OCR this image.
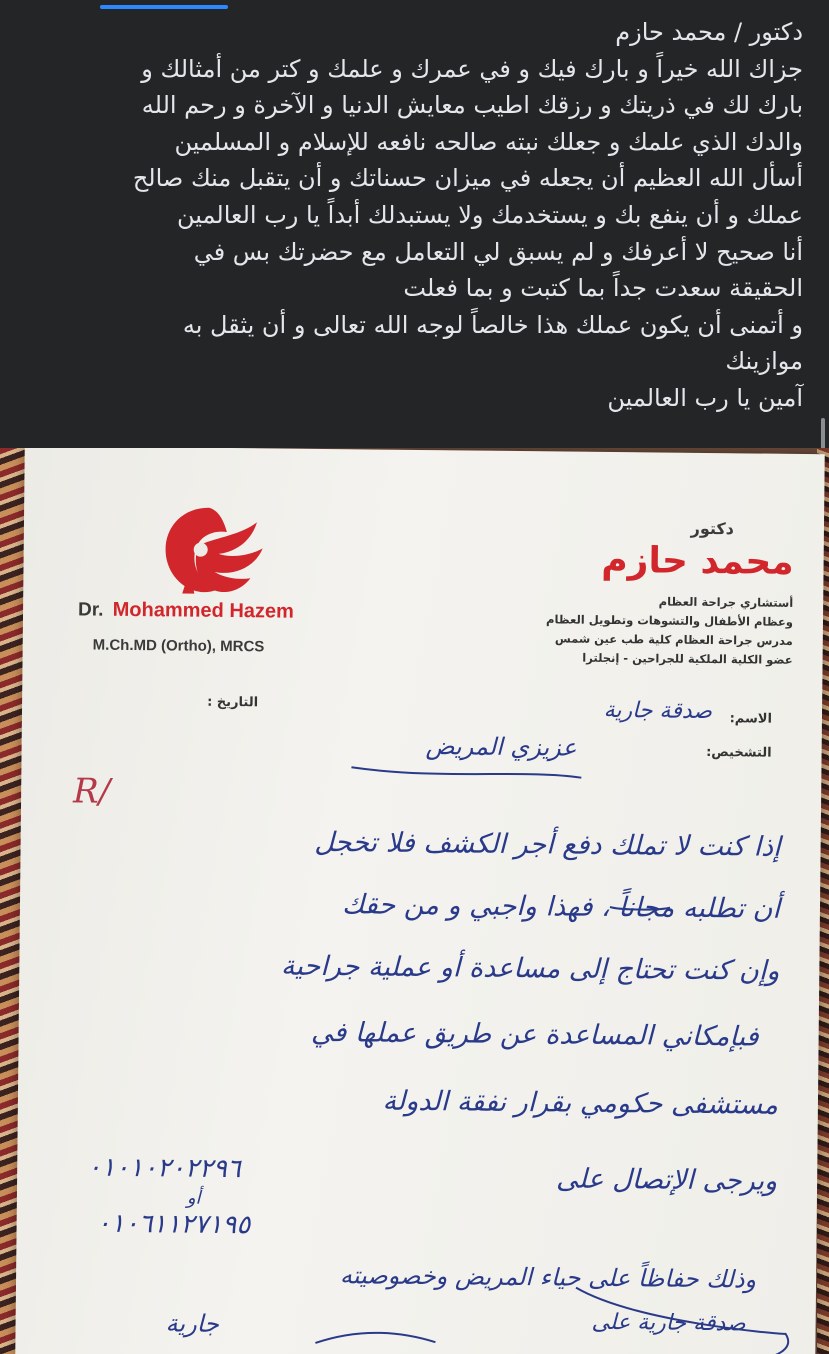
دكتور / محمد حازم
جزاك الله خيراً و بارك فيك و في عمرك و علمك و كتر من أمثالك و
بارك لك في ذريتك و رزقك اطيب معايش الدنيا و الآخرة و رحم الله
والدك الذي علمك و جعلك نبته صالحه نافعه للإسلام و المسلمين
أسأل الله العظيم أن يجعله في ميزان حسناتك و أن يتقبل منك صالح
عملك و أن ينفع بك و يستخدمك ولا يستبدلك أبداً يا رب العالمين
أنا صحيح لا أعرفك و لم يسبق لي التعامل مع حضرتك بس في
الحقيقة سعدت جداً بما كتبت و بما فعلت
و أتمنى أن يكون عملك هذا خالصاً لوجه الله تعالى و أن يثقل به
موازينك
آمين يا رب العالمين
Dr. Mohammed Hazem
M.Ch.MD (Ortho), MRCS
دكتور
محمد حازم
أستشاري جراحة العظام
وعظام الأطفال والتشوهات وتطويل العظام
مدرس جراحة العظام كلية طب عين شمس
عضو الكلية الملكية للجراحين - إنجلترا
التاريخ :
الاسم:
التشخيص:
صدقة جارية
عزيزي المريض
R/
إذا كنت لا تملك دفع أجر الكشف فلا تخجل
أن تطلبه مجاناً ، فهذا واجبي و من حقك
وإن كنت تحتاج إلى مساعدة أو عملية جراحية
فبإمكاني المساعدة عن طريق عملها في
مستشفى حكومي بقرار نفقة الدولة
ويرجى الإتصال على
وذلك حفاظاً على حياء المريض وخصوصيته
صدقة جارية على
جارية
٠١٠١٠٢٠٢٢٩٦
أو
٠١٠٦١١٢٧١٩٥
